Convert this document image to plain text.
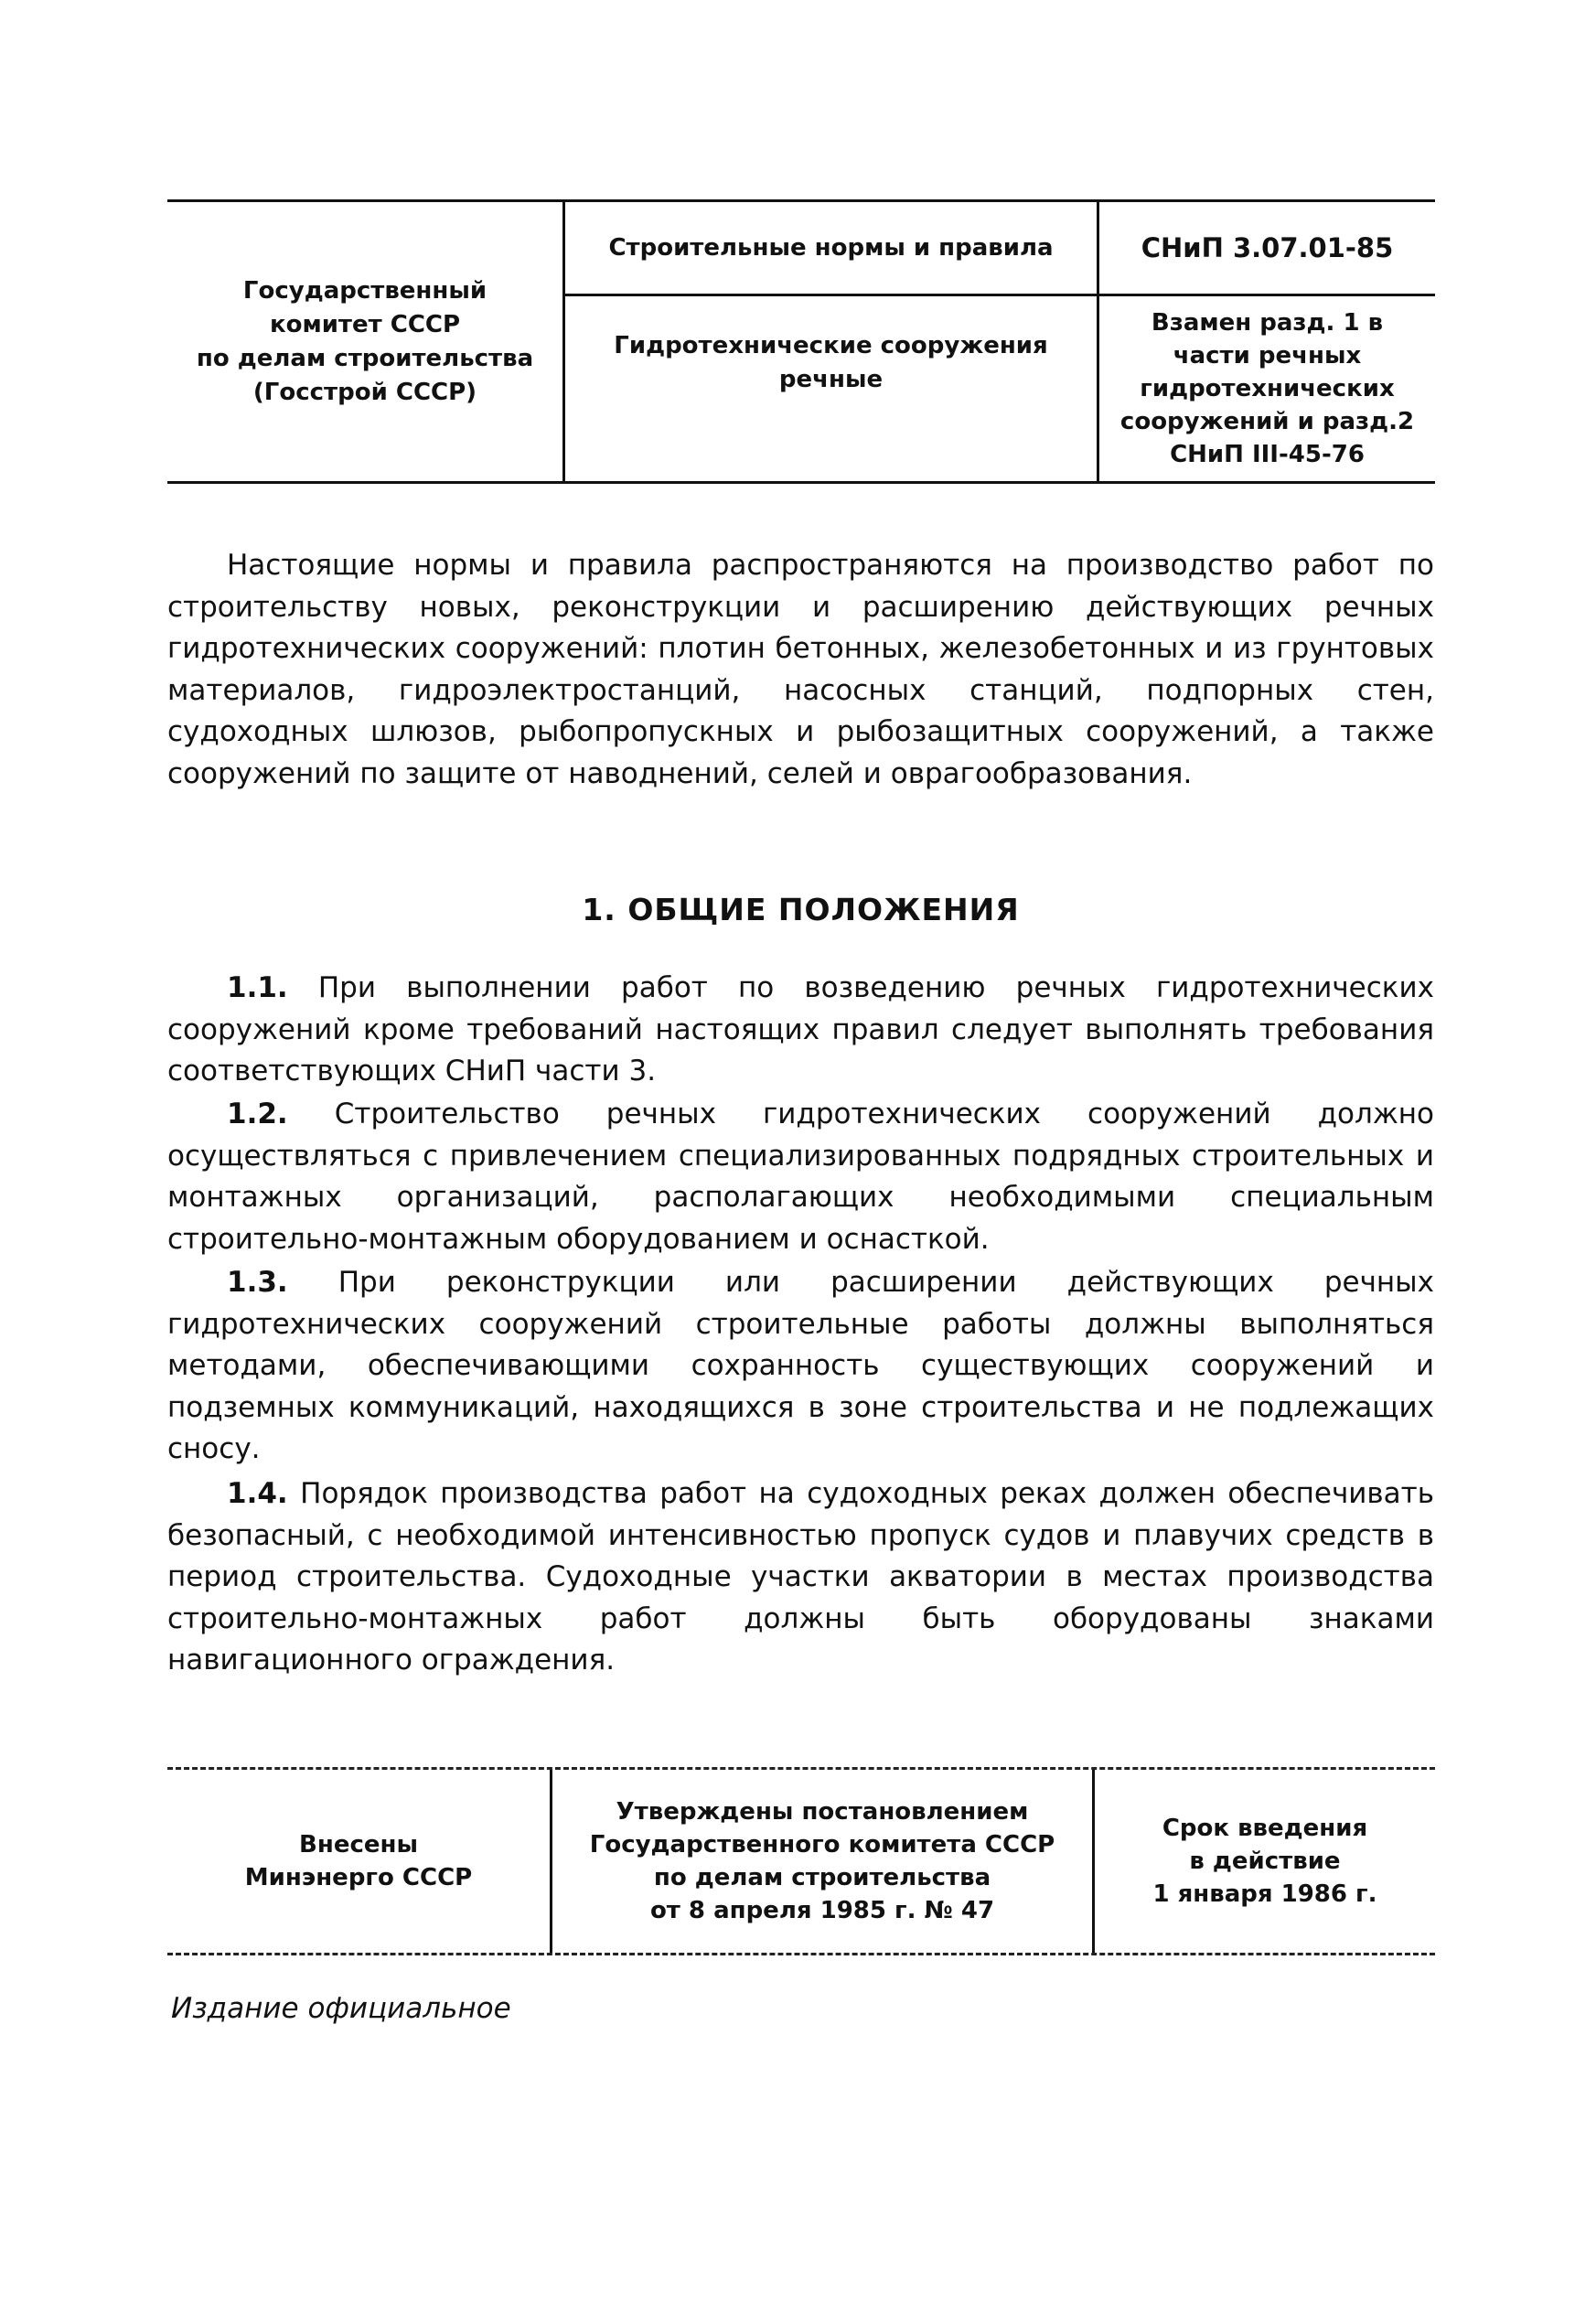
Государственный
комитет СССР
по делам строительства
(Госстрой СССР)
Строительные нормы и правила
Гидротехнические сооружения
речные
СНиП 3.07.01-85
Взамен разд. 1 в
части речных
гидротехнических
сооружений и разд.2
СНиП III-45-76

Настоящие нормы и правила распространяются на производство работ по строительству новых, реконструкции и расширению действующих речных гидротехнических сооружений: плотин бетонных, железобетонных и из грунтовых материалов, гидроэлектростанций, насосных станций, подпорных стен, судоходных шлюзов, рыбопропускных и рыбозащитных сооружений, а также сооружений по защите от наводнений, селей и оврагообразования.

1. ОБЩИЕ ПОЛОЖЕНИЯ

1.1. При выполнении работ по возведению речных гидротехнических сооружений кроме требований настоящих правил следует выполнять требования соответствующих СНиП части 3.

1.2. Строительство речных гидротехнических сооружений должно осуществляться с привлечением специализированных подрядных строительных и монтажных организаций, располагающих необходимыми специальным строительно-монтажным оборудованием и оснасткой.

1.3. При реконструкции или расширении действующих речных гидротехнических сооружений строительные работы должны выполняться методами, обеспечивающими сохранность существующих сооружений и подземных коммуникаций, находящихся в зоне строительства и не подлежащих сносу.

1.4. Порядок производства работ на судоходных реках должен обеспечивать безопасный, с необходимой интенсивностью пропуск судов и плавучих средств в период строительства. Судоходные участки акватории в местах производства строительно-монтажных работ должны быть оборудованы знаками навигационного ограждения.

Внесены
Минэнерго СССР
Утверждены постановлением
Государственного комитета СССР
по делам строительства
от 8 апреля 1985 г. № 47
Срок введения
в действие
1 января 1986 г.
Издание официальное
